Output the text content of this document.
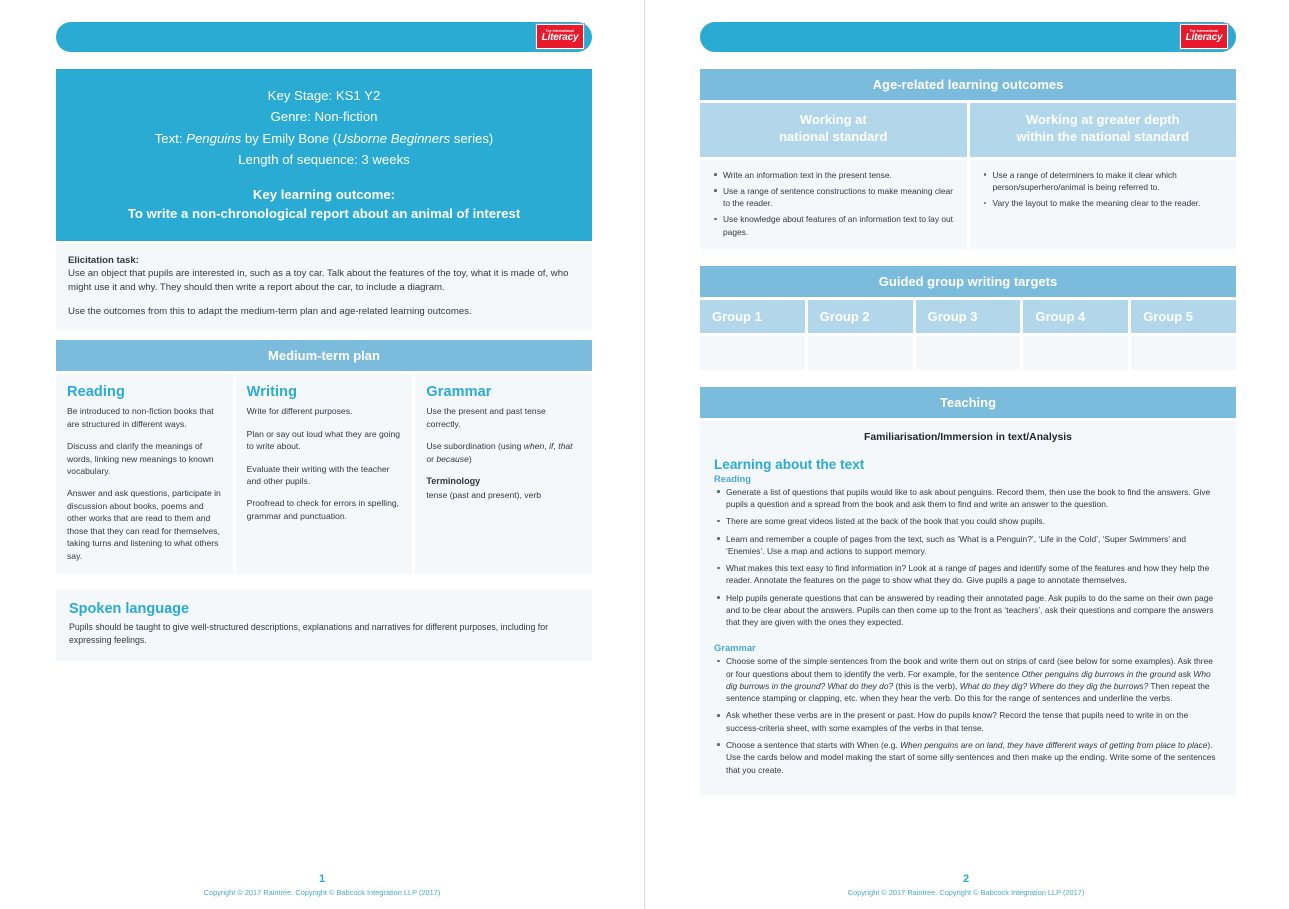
The International
Literacy
Key Stage: KS1 Y2
Genre: Non-fiction
Text: Penguins by Emily Bone (Usborne Beginners series)
Length of sequence: 3 weeks
Key learning outcome:
To write a non-chronological report about an animal of interest

Elicitation task:
Use an object that pupils are interested in, such as a toy car. Talk about the features of the toy, what it is made of, who might use it and why. They should then write a report about the car, to include a diagram.

Use the outcomes from this to adapt the medium-term plan and age-related learning outcomes.

Medium-term plan
Reading

Be introduced to non-fiction books that are structured in different ways.

Discuss and clarify the meanings of words, linking new meanings to known vocabulary.

Answer and ask questions, participate in discussion about books, poems and other works that are read to them and those that they can read for themselves, taking turns and listening to what others say.

Writing

Write for different purposes.

Plan or say out loud what they are going to write about.

Evaluate their writing with the teacher and other pupils.

Proofread to check for errors in spelling, grammar and punctuation.

Grammar

Use the present and past tense correctly.

Use subordination (using when, if, that or because)

Terminology

tense (past and present), verb

Spoken language

Pupils should be taught to give well-structured descriptions, explanations and narratives for different purposes, including for expressing feelings.

1
Copyright © 2017 Raintree. Copyright © Babcock Integration LLP (2017)
The International
Literacy
Age-related learning outcomes
Working at
national standard
Working at greater depth
within the national standard
Write an information text in the present tense.
Use a range of sentence constructions to make meaning clear to the reader.
Use knowledge about features of an information text to lay out pages.
Use a range of determiners to make it clear which person/superhero/animal is being referred to.
Vary the layout to make the meaning clear to the reader.
Guided group writing targets
Group 1	Group 2	Group 3	Group 4	Group 5
Teaching

Familiarisation/Immersion in text/Analysis

Learning about the text
Reading
Generate a list of questions that pupils would like to ask about penguins. Record them, then use the book to find the answers. Give pupils a question and a spread from the book and ask them to find and write an answer to the question.
There are some great videos listed at the back of the book that you could show pupils.
Learn and remember a couple of pages from the text, such as ‘What is a Penguin?’, ‘Life in the Cold’, ‘Super Swimmers’ and ‘Enemies’. Use a map and actions to support memory.
What makes this text easy to find information in? Look at a range of pages and identify some of the features and how they help the reader. Annotate the features on the page to show what they do. Give pupils a page to annotate themselves.
Help pupils generate questions that can be answered by reading their annotated page. Ask pupils to do the same on their own page and to be clear about the answers. Pupils can then come up to the front as ‘teachers’, ask their questions and compare the answers that they are given with the ones they expected.
Grammar
Choose some of the simple sentences from the book and write them out on strips of card (see below for some examples). Ask three or four questions about them to identify the verb. For example, for the sentence Other penguins dig burrows in the ground ask Who dig burrows in the ground? What do they do? (this is the verb), What do they dig? Where do they dig the burrows? Then repeat the sentence stamping or clapping, etc. when they hear the verb. Do this for the range of sentences and underline the verbs.
Ask whether these verbs are in the present or past. How do pupils know? Record the tense that pupils need to write in on the success-criteria sheet, with some examples of the verbs in that tense.
Choose a sentence that starts with When (e.g. When penguins are on land, they have different ways of getting from place to place). Use the cards below and model making the start of some silly sentences and then make up the ending. Write some of the sentences that you create.
2
Copyright © 2017 Raintree. Copyright © Babcock Integration LLP (2017)
